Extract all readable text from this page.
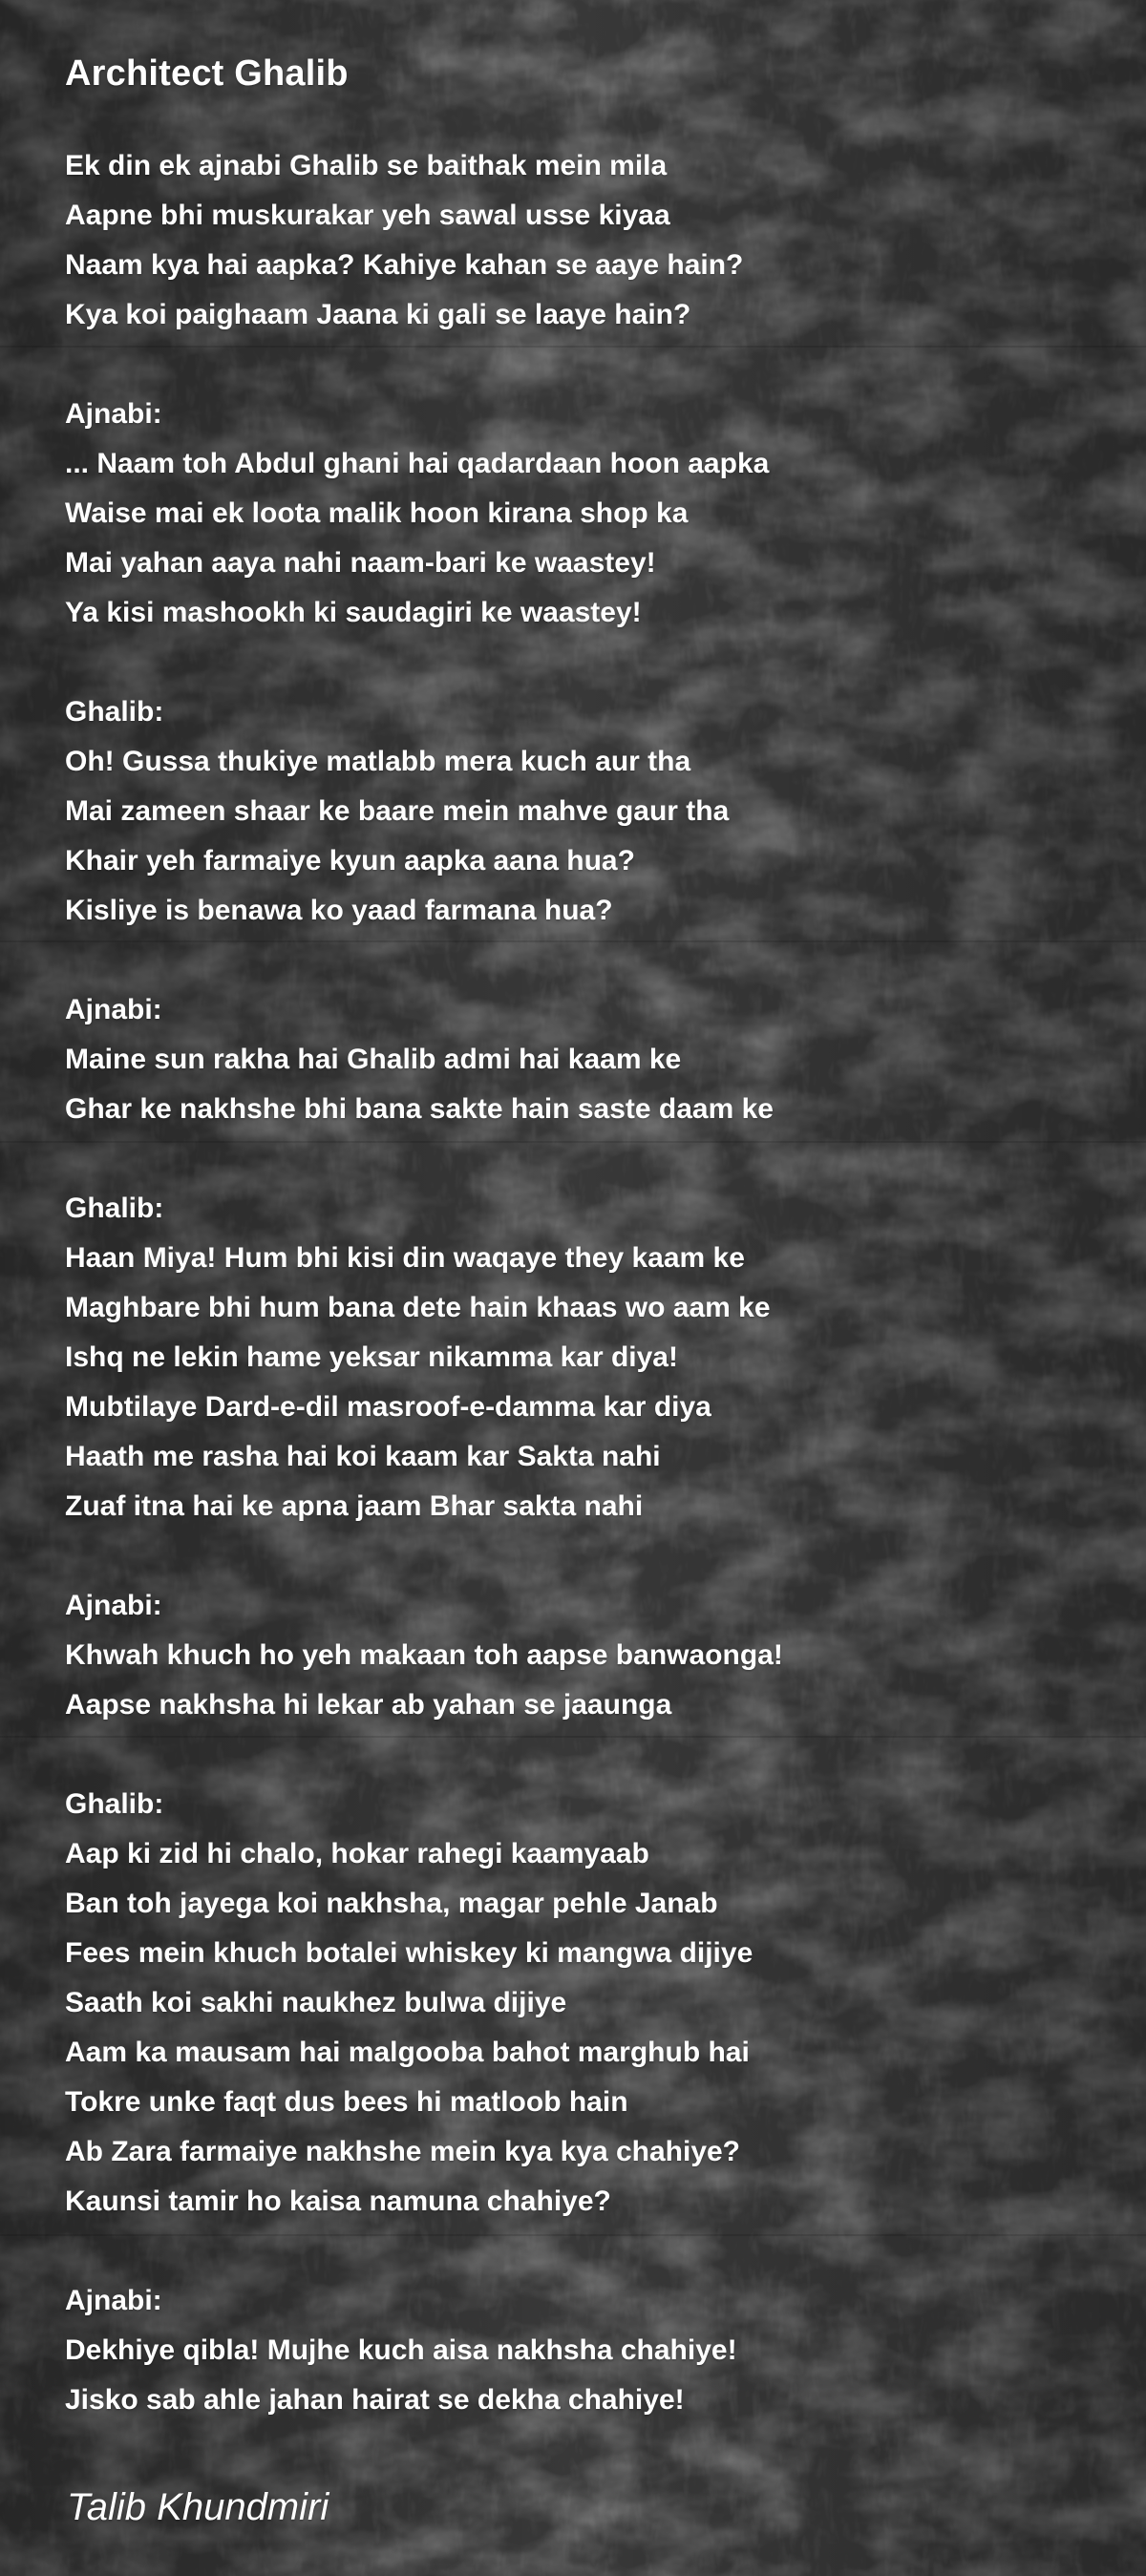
Architect Ghalib
Ek din ek ajnabi Ghalib se baithak mein mila
Aapne bhi muskurakar yeh sawal usse kiyaa
Naam kya hai aapka? Kahiye kahan se aaye hain?
Kya koi paighaam Jaana ki gali se laaye hain?
Ajnabi:
... Naam toh Abdul ghani hai qadardaan hoon aapka
Waise mai ek loota malik hoon kirana shop ka
Mai yahan aaya nahi naam-bari ke waastey!
Ya kisi mashookh ki saudagiri ke waastey!
Ghalib:
Oh! Gussa thukiye matlabb mera kuch aur tha
Mai zameen shaar ke baare mein mahve gaur tha
Khair yeh farmaiye kyun aapka aana hua?
Kisliye is benawa ko yaad farmana hua?
Ajnabi:
Maine sun rakha hai Ghalib admi hai kaam ke
Ghar ke nakhshe bhi bana sakte hain saste daam ke
Ghalib:
Haan Miya! Hum bhi kisi din waqaye they kaam ke
Maghbare bhi hum bana dete hain khaas wo aam ke
Ishq ne lekin hame yeksar nikamma kar diya!
Mubtilaye Dard-e-dil masroof-e-damma kar diya
Haath me rasha hai koi kaam kar Sakta nahi
Zuaf itna hai ke apna jaam Bhar sakta nahi
Ajnabi:
Khwah khuch ho yeh makaan toh aapse banwaonga!
Aapse nakhsha hi lekar ab yahan se jaaunga
Ghalib:
Aap ki zid hi chalo, hokar rahegi kaamyaab
Ban toh jayega koi nakhsha, magar pehle Janab
Fees mein khuch botalei whiskey ki mangwa dijiye
Saath koi sakhi naukhez bulwa dijiye
Aam ka mausam hai malgooba bahot marghub hai
Tokre unke faqt dus bees hi matloob hain
Ab Zara farmaiye nakhshe mein kya kya chahiye?
Kaunsi tamir ho kaisa namuna chahiye?
Ajnabi:
Dekhiye qibla! Mujhe kuch aisa nakhsha chahiye!
Jisko sab ahle jahan hairat se dekha chahiye!

Talib Khundmiri
